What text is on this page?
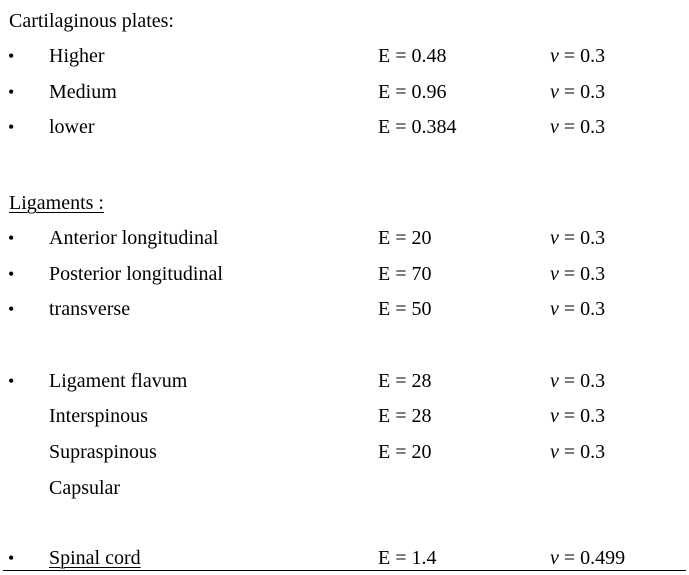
Cartilaginous plates:
• Higher	E = 0.48	v = 0.3
• Medium	E = 0.96	v = 0.3
• lower	E = 0.384	v = 0.3
Ligaments :
• Anterior longitudinal	E = 20	v = 0.3
• Posterior longitudinal	E = 70	v = 0.3
• transverse	E = 50	v = 0.3
• Ligament flavum	E = 28	v = 0.3
Interspinous	E = 28	v = 0.3
Supraspinous	E = 20	v = 0.3
Capsular
• Spinal cord	E = 1.4	v = 0.499
